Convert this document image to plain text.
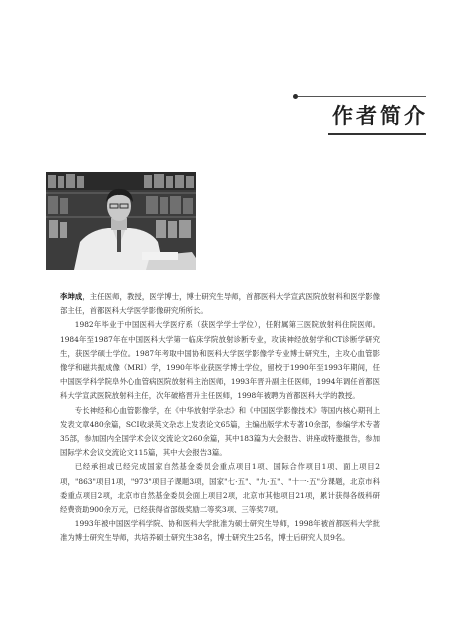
作者简介

李坤成，主任医师，教授，医学博士，博士研究生导师，首都医科大学宣武医院放射科和医学影像部主任，首都医科大学医学影像研究所所长。

1982年毕业于中国医科大学医疗系（获医学学士学位），任附属第三医院放射科住院医师。1984年至1987年在中国医科大学第一临床学院放射诊断专业，攻读神经放射学和CT诊断学研究生，获医学硕士学位。1987年考取中国协和医科大学医学影像学专业博士研究生，主攻心血管影像学和磁共振成像（MRI）学，1990年毕业获医学博士学位，留校于1990年至1993年期间，任中国医学科学院阜外心血管病医院放射科主治医师，1993年晋升副主任医师，1994年调任首都医科大学宣武医院放射科主任，次年破格晋升主任医师，1998年被聘为首都医科大学的教授。

专长神经和心血管影像学，在《中华放射学杂志》和《中国医学影像技术》等国内核心期刊上发表文章480余篇，SCI收录英文杂志上发表论文65篇，主编出版学术专著10余部，参编学术专著35部，参加国内全国学术会议交流论文260余篇，其中183篇为大会报告、讲座或特邀报告，参加国际学术会议交流论文115篇，其中大会报告3篇。

已经承担或已经完成国家自然基金委员会重点项目1项、国际合作项目1项、面上项目2项，"863"项目1项，"973"项目子课题3项，国家"七·五"、"九·五"、"十一·五"分课题，北京市科委重点项目2项，北京市自然基金委员会面上项目2项，北京市其他项目21项，累计获得各级科研经费资助900余万元，已经获得省部级奖励二等奖3项、三等奖7项。

1993年被中国医学科学院、协和医科大学批准为硕士研究生导师，1998年被首都医科大学批准为博士研究生导师，共培养硕士研究生38名，博士研究生25名，博士后研究人员9名。
